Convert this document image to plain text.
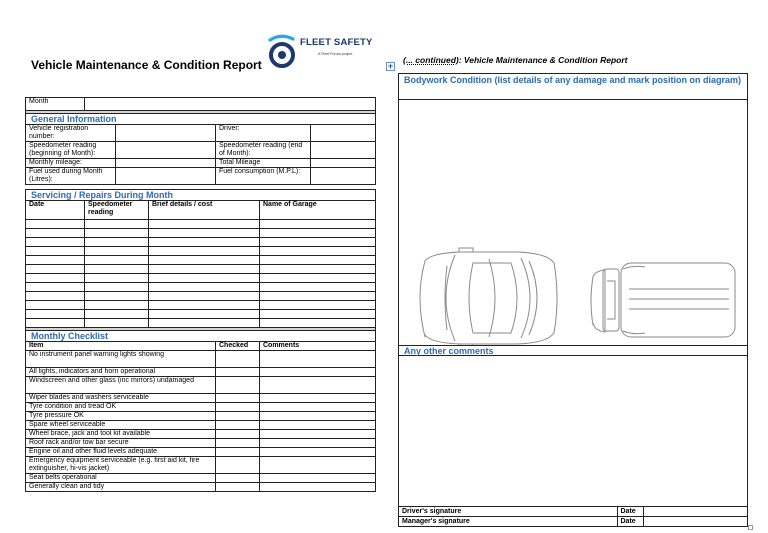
Vehicle Maintenance & Condition Report
FLEET SAFETY
A Fleet Forum project
Month						

General Information						
Vehicle registration number:				Driver:		
Speedometer reading (beginning of Month):				Speedometer reading (end of Month):		
Monthly mileage:				Total Mileage		
Fuel used during Month (Litres):				Fuel consumption (M.P.L):		

Servicing / Repairs During Month						
Date	Speedometer reading		Brief details / cost		Name of Garage	

Monthly Checklist						
Item				Checked	Comments	
No instrument panel warning lights showing						
All lights, indicators and horn operational						
Windscreen and other glass (inc mirrors) undamaged						
Wiper blades and washers serviceable						
Tyre condition and tread OK						
Tyre pressure OK						
Spare wheel serviceable						
Wheel brace, jack and tool kit available						
Roof rack and/or tow bar secure						
Engine oil and other fluid levels adequate						
Emergency equipment serviceable (e.g. first aid kit, fire extinguisher, hi-vis jacket)						
Seat belts operational						
Generally clean and tidy						
+
(... continued): Vehicle Maintenance & Condition Report
Bodywork Condition (list details of any damage and mark position on diagram)
Any other comments
Driver's signature	Date	
Manager's signature	Date	
